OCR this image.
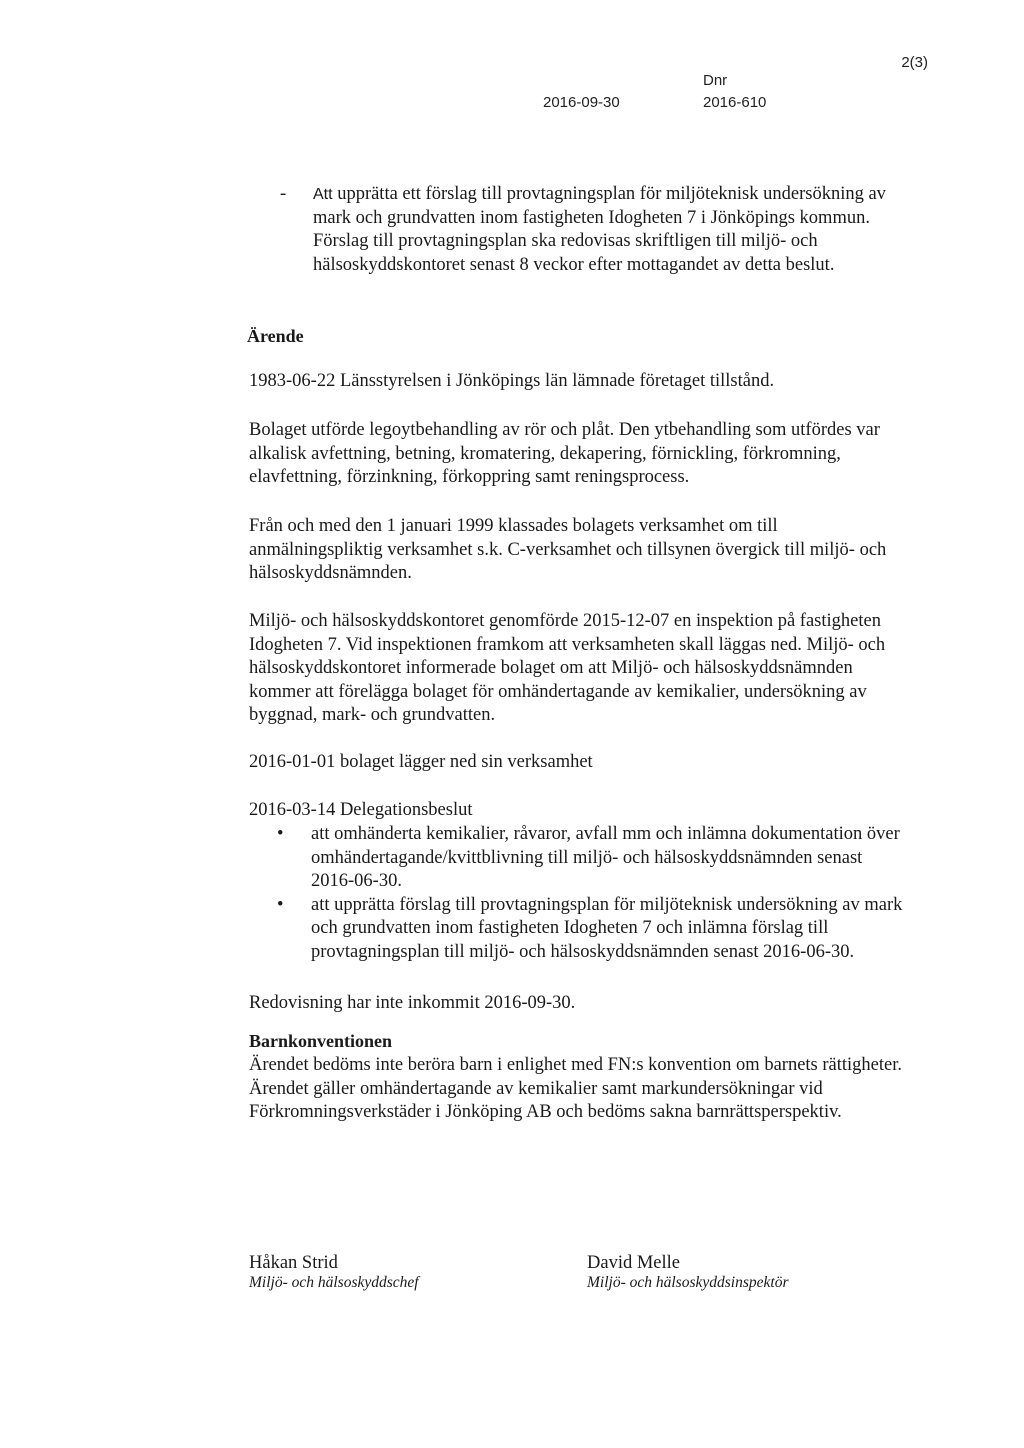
2(3)
Dnr
2016-09-30	2016-610
- Att upprätta ett förslag till provtagningsplan för miljöteknisk undersökning av mark och grundvatten inom fastigheten Idogheten 7 i Jönköpings kommun. Förslag till provtagningsplan ska redovisas skriftligen till miljö- och hälsoskyddskontoret senast 8 veckor efter mottagandet av detta beslut.
Ärende
1983-06-22 Länsstyrelsen i Jönköpings län lämnade företaget tillstånd.
Bolaget utförde legoytbehandling av rör och plåt. Den ytbehandling som utfördes var alkalisk avfettning, betning, kromatering, dekapering, förnickling, förkromning, elavfettning, förzinkning, förkoppring samt reningsprocess.
Från och med den 1 januari 1999 klassades bolagets verksamhet om till anmälningspliktig verksamhet s.k. C-verksamhet och tillsynen övergick till miljö- och hälsoskyddsnämnden.
Miljö- och hälsoskyddskontoret genomförde 2015-12-07 en inspektion på fastigheten Idogheten 7. Vid inspektionen framkom att verksamheten skall läggas ned. Miljö- och hälsoskyddskontoret informerade bolaget om att Miljö- och hälsoskyddsnämnden kommer att förelägga bolaget för omhändertagande av kemikalier, undersökning av byggnad, mark- och grundvatten.
2016-01-01 bolaget lägger ned sin verksamhet
2016-03-14 Delegationsbeslut
• att omhänderta kemikalier, råvaror, avfall mm och inlämna dokumentation över omhändertagande/kvittblivning till miljö- och hälsoskyddsnämnden senast 2016-06-30.
• att upprätta förslag till provtagningsplan för miljöteknisk undersökning av mark och grundvatten inom fastigheten Idogheten 7 och inlämna förslag till provtagningsplan till miljö- och hälsoskyddsnämnden senast 2016-06-30.
Redovisning har inte inkommit 2016-09-30.
Barnkonventionen
Ärendet bedöms inte beröra barn i enlighet med FN:s konvention om barnets rättigheter. Ärendet gäller omhändertagande av kemikalier samt markundersökningar vid Förkromningsverkstäder i Jönköping AB och bedöms sakna barnrättsperspektiv.
Håkan Strid
Miljö- och hälsoskyddschef
David Melle
Miljö- och hälsoskyddsinspektör
